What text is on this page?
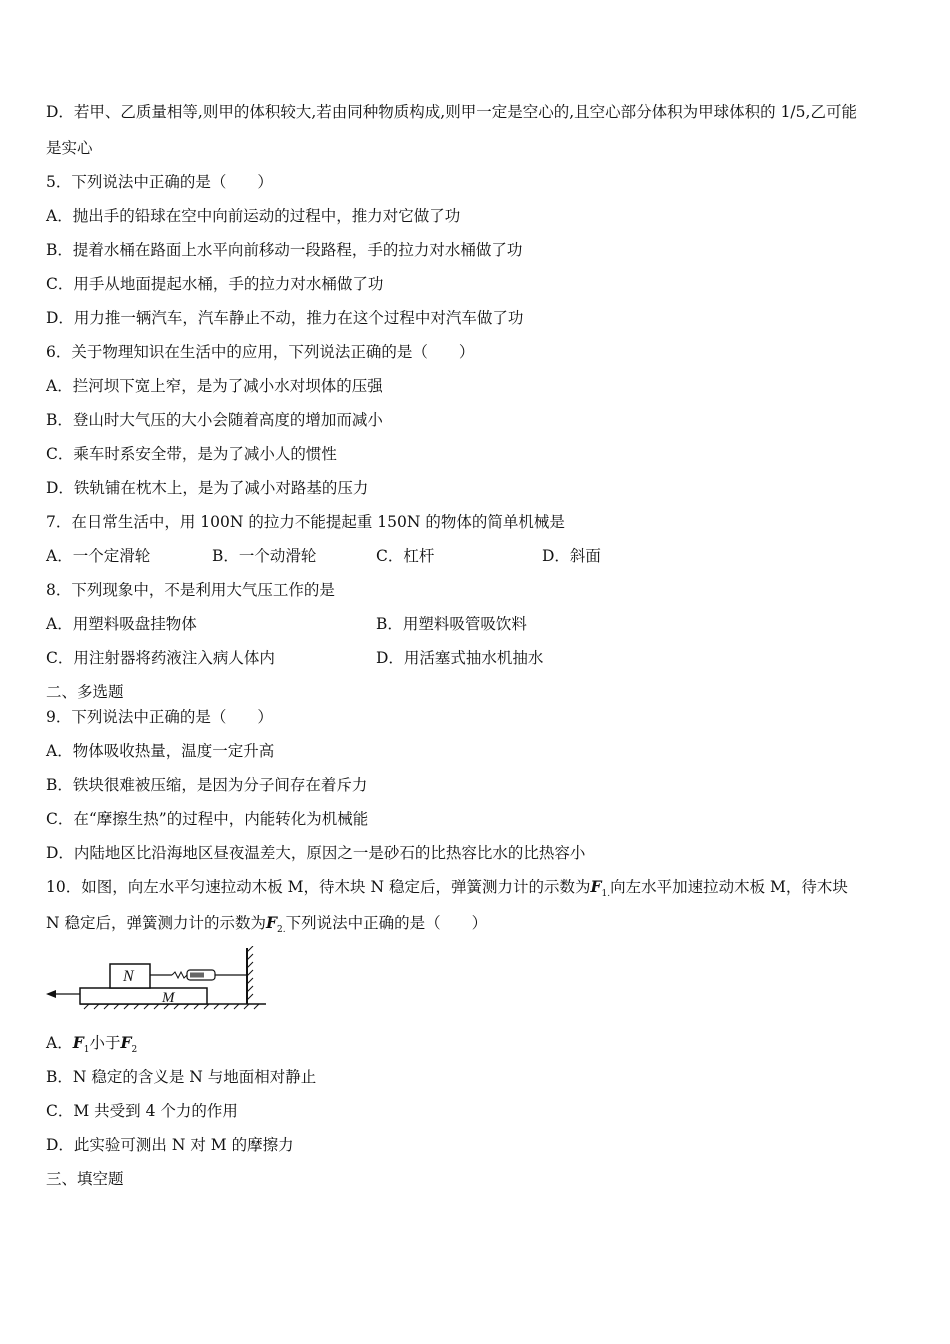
D．若甲、乙质量相等,则甲的体积较大,若由同种物质构成,则甲一定是空心的,且空心部分体积为甲球体积的 1/5,乙可能
是实心
5．下列说法中正确的是（　　）
A．抛出手的铅球在空中向前运动的过程中，推力对它做了功
B．提着水桶在路面上水平向前移动一段路程，手的拉力对水桶做了功
C．用手从地面提起水桶，手的拉力对水桶做了功
D．用力推一辆汽车，汽车静止不动，推力在这个过程中对汽车做了功
6．关于物理知识在生活中的应用，下列说法正确的是（　　）
A．拦河坝下宽上窄，是为了减小水对坝体的压强
B．登山时大气压的大小会随着高度的增加而减小
C．乘车时系安全带，是为了减小人的惯性
D．铁轨铺在枕木上，是为了减小对路基的压力
7．在日常生活中，用 100N 的拉力不能提起重 150N 的物体的简单机械是
A．一个定滑轮	B．一个动滑轮	C．杠杆	D．斜面
8．下列现象中，不是利用大气压工作的是
A．用塑料吸盘挂物体	B．用塑料吸管吸饮料
C．用注射器将药液注入病人体内	D．用活塞式抽水机抽水
二、多选题
9．下列说法中正确的是（　　）
A．物体吸收热量，温度一定升高
B．铁块很难被压缩，是因为分子间存在着斥力
C．在“摩擦生热”的过程中，内能转化为机械能
D．内陆地区比沿海地区昼夜温差大，原因之一是砂石的比热容比水的比热容小
10．如图，向左水平匀速拉动木板 M，待木块 N 稳定后，弹簧测力计的示数为$F_{1.}$向左水平加速拉动木板 M，待木块
N 稳定后，弹簧测力计的示数为$F_{2.}$下列说法中正确的是（　　）
M
N
A．$F_1$小于$F_2$
B．N 稳定的含义是 N 与地面相对静止
C．M 共受到 4 个力的作用
D．此实验可测出 N 对 M 的摩擦力
三、填空题
